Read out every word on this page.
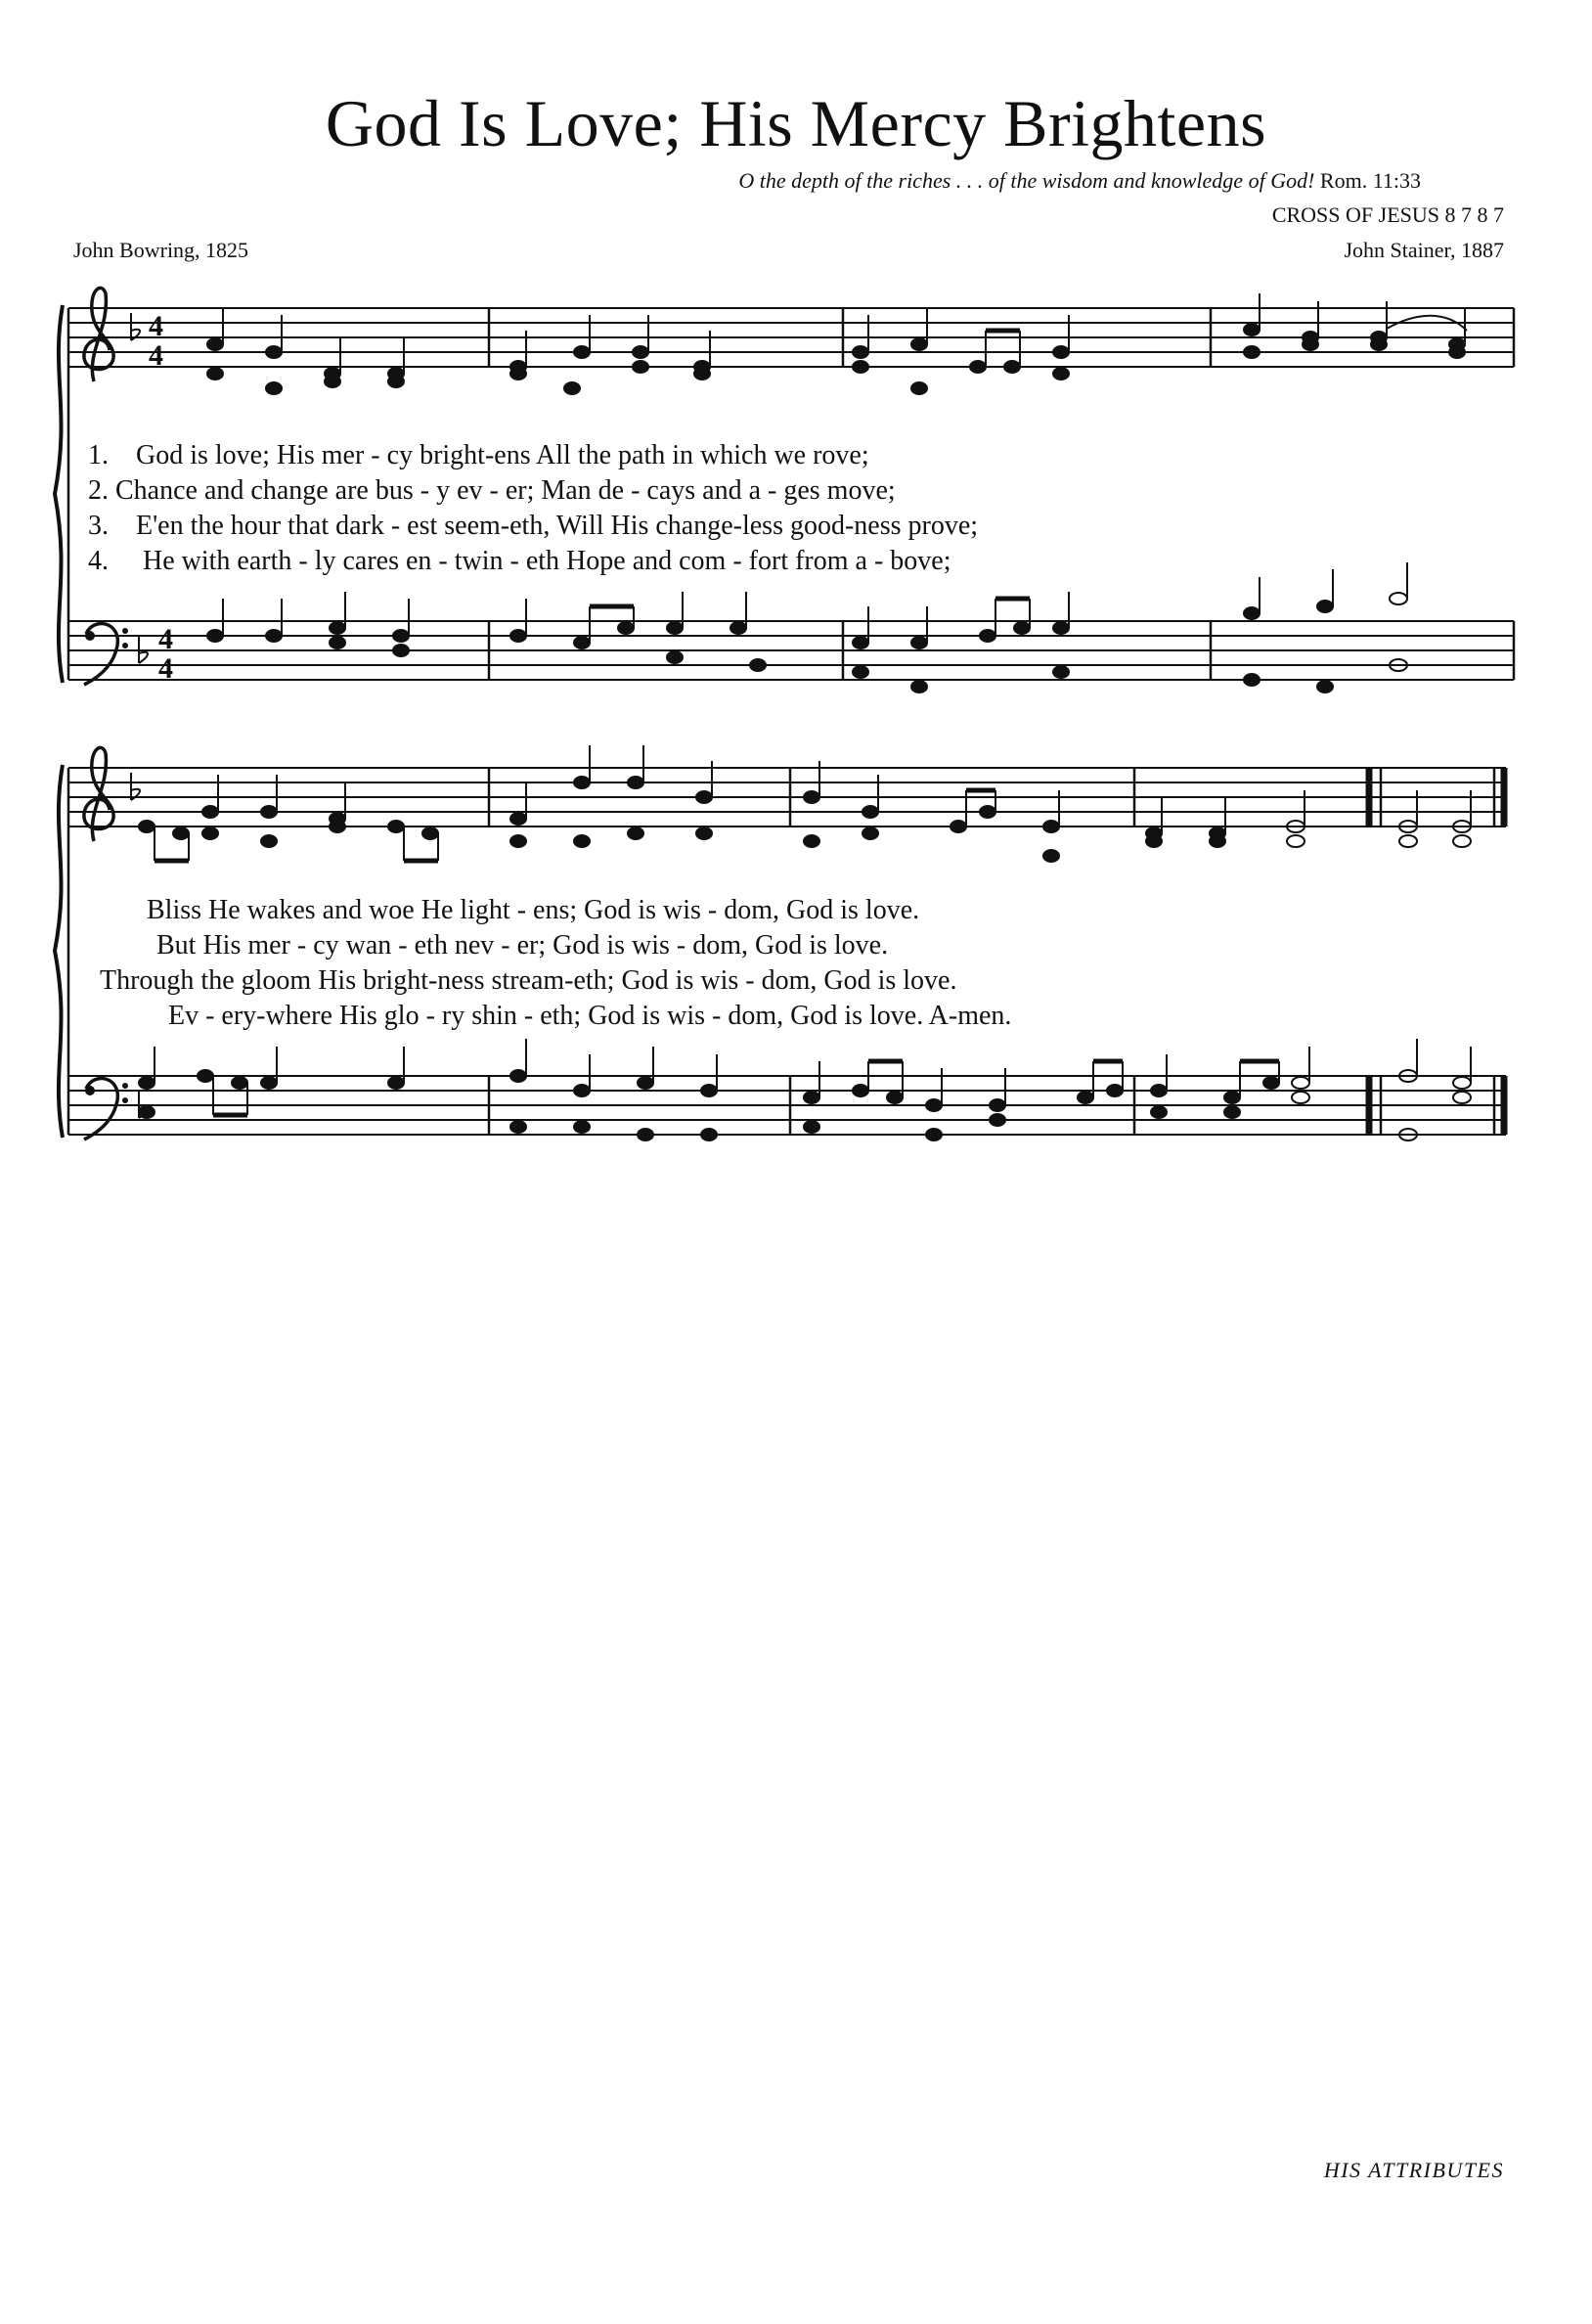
God Is Love; His Mercy Brightens
O the depth of the riches . . . of the wisdom and knowledge of God! Rom. 11:33
CROSS OF JESUS 8 7 8 7
John Bowring, 1825	John Stainer, 1887
4
4
4
4
1. God is love; His mer - cy bright-ens All the path in which we rove;
2. Chance and change are bus - y ev - er; Man de - cays and a - ges move;
3. E'en the hour that dark - est seem-eth, Will His change-less good-ness prove;
4. He with earth - ly cares en - twin - eth Hope and com - fort from a - bove;
Bliss He wakes and woe He light - ens; God is wis - dom, God is love.
But His mer - cy wan - eth nev - er; God is wis - dom, God is love.
Through the gloom His bright-ness stream-eth; God is wis - dom, God is love.
Ev - ery-where His glo - ry shin - eth; God is wis - dom, God is love. A-men.
HIS ATTRIBUTES
